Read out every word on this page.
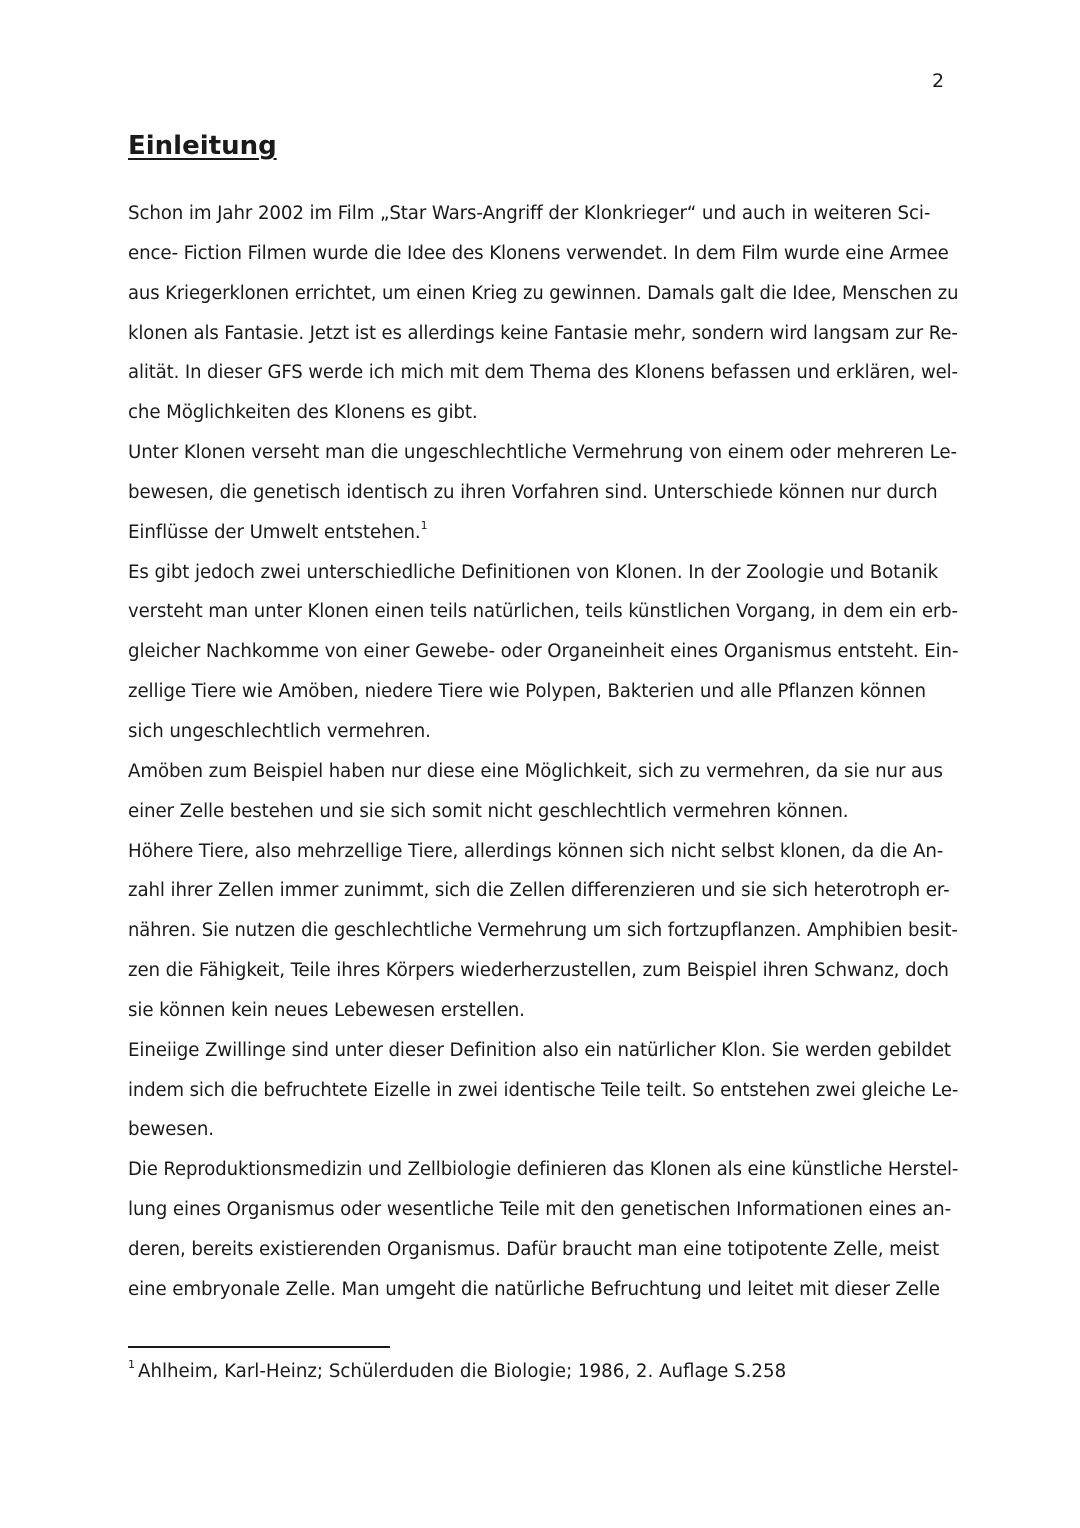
2
Einleitung
Schon im Jahr 2002 im Film „Star Wars-Angriff der Klonkrieger“ und auch in weiteren Sci-
ence- Fiction Filmen wurde die Idee des Klonens verwendet. In dem Film wurde eine Armee
aus Kriegerklonen errichtet, um einen Krieg zu gewinnen. Damals galt die Idee, Menschen zu
klonen als Fantasie. Jetzt ist es allerdings keine Fantasie mehr, sondern wird langsam zur Re-
alität. In dieser GFS werde ich mich mit dem Thema des Klonens befassen und erklären, wel-
che Möglichkeiten des Klonens es gibt.
Unter Klonen verseht man die ungeschlechtliche Vermehrung von einem oder mehreren Le-
bewesen, die genetisch identisch zu ihren Vorfahren sind. Unterschiede können nur durch
Einflüsse der Umwelt entstehen.$^1$
Es gibt jedoch zwei unterschiedliche Definitionen von Klonen. In der Zoologie und Botanik
versteht man unter Klonen einen teils natürlichen, teils künstlichen Vorgang, in dem ein erb-
gleicher Nachkomme von einer Gewebe- oder Organeinheit eines Organismus entsteht. Ein-
zellige Tiere wie Amöben, niedere Tiere wie Polypen, Bakterien und alle Pflanzen können
sich ungeschlechtlich vermehren.
Amöben zum Beispiel haben nur diese eine Möglichkeit, sich zu vermehren, da sie nur aus
einer Zelle bestehen und sie sich somit nicht geschlechtlich vermehren können.
Höhere Tiere, also mehrzellige Tiere, allerdings können sich nicht selbst klonen, da die An-
zahl ihrer Zellen immer zunimmt, sich die Zellen differenzieren und sie sich heterotroph er-
nähren. Sie nutzen die geschlechtliche Vermehrung um sich fortzupflanzen. Amphibien besit-
zen die Fähigkeit, Teile ihres Körpers wiederherzustellen, zum Beispiel ihren Schwanz, doch
sie können kein neues Lebewesen erstellen.
Eineiige Zwillinge sind unter dieser Definition also ein natürlicher Klon. Sie werden gebildet
indem sich die befruchtete Eizelle in zwei identische Teile teilt. So entstehen zwei gleiche Le-
bewesen.
Die Reproduktionsmedizin und Zellbiologie definieren das Klonen als eine künstliche Herstel-
lung eines Organismus oder wesentliche Teile mit den genetischen Informationen eines an-
deren, bereits existierenden Organismus. Dafür braucht man eine totipotente Zelle, meist
eine embryonale Zelle. Man umgeht die natürliche Befruchtung und leitet mit dieser Zelle
$^1$ Ahlheim, Karl-Heinz; Schülerduden die Biologie; 1986, 2. Auflage S.258
